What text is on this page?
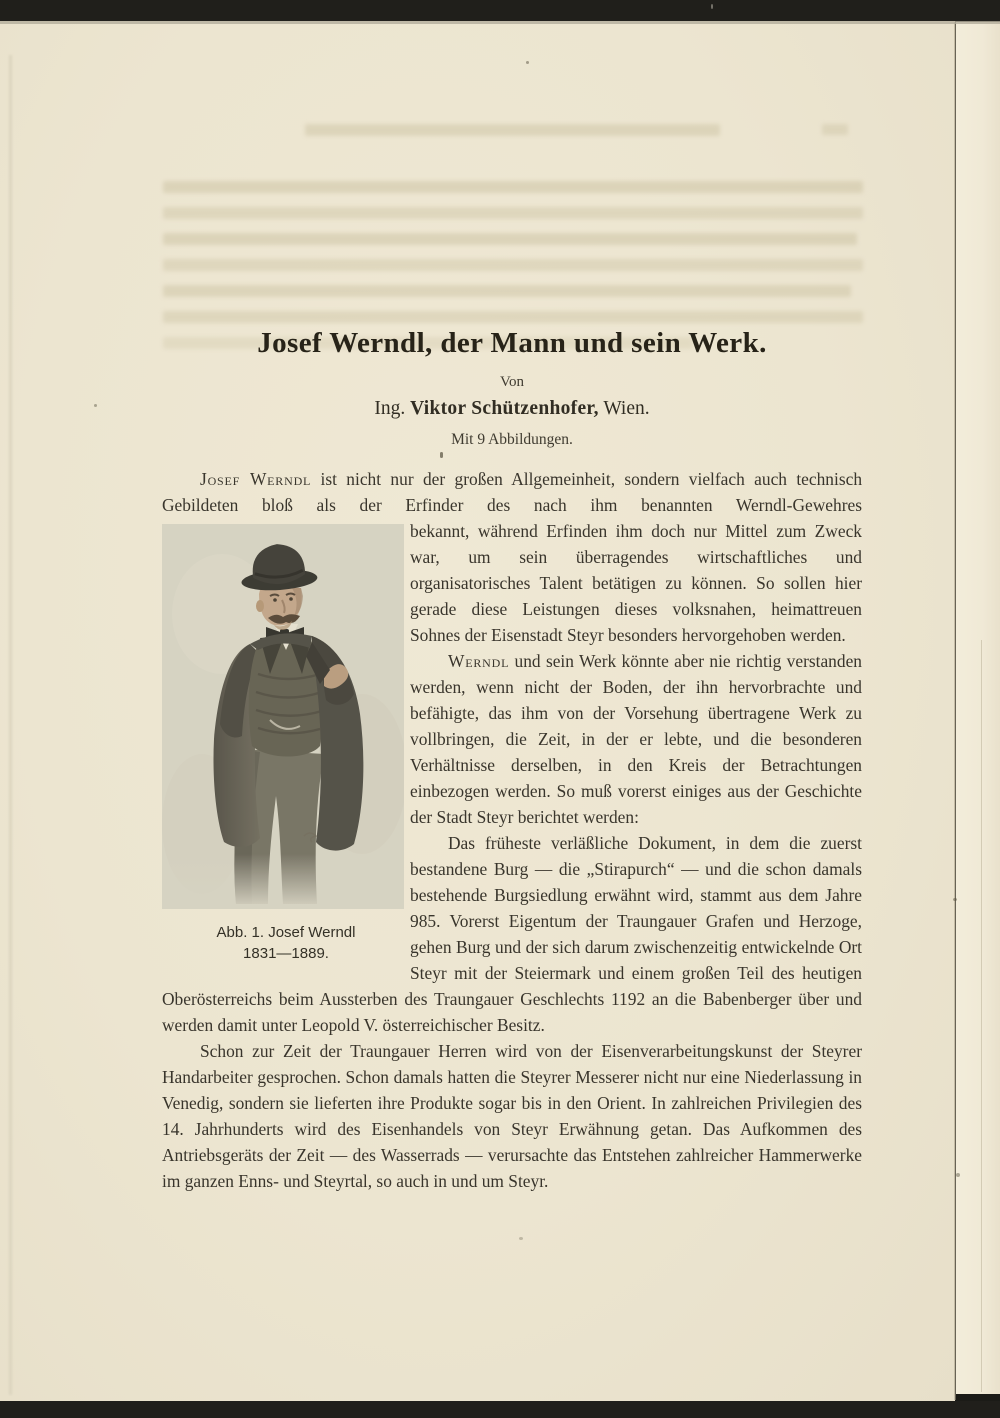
Josef Werndl, der Mann und sein Werk.
Von
Ing. Viktor Schützenhofer, Wien.
Mit 9 Abbildungen.

Josef Werndl ist nicht nur der großen Allgemeinheit, sondern vielfach auch technisch Gebildeten bloß als der Erfinder des nach ihm benannten Werndl-Gewehres

Abb. 1. Josef Werndl
1831—1889.
bekannt, während Erfinden ihm doch nur Mittel zum Zweck war, um sein überragendes wirtschaftliches und organisatorisches Talent betätigen zu können. So sollen hier gerade diese Leistungen dieses volksnahen, heimattreuen Sohnes der Eisenstadt Steyr besonders hervorgehoben werden.

Werndl und sein Werk könnte aber nie richtig verstanden werden, wenn nicht der Boden, der ihn hervorbrachte und befähigte, das ihm von der Vorsehung übertragene Werk zu vollbringen, die Zeit, in der er lebte, und die besonderen Verhältnisse derselben, in den Kreis der Betrachtungen einbezogen werden. So muß vorerst einiges aus der Geschichte der Stadt Steyr berichtet werden:

Das früheste verläßliche Dokument, in dem die zuerst bestandene Burg — die „Stirapurch“ — und die schon damals bestehende Burgsiedlung erwähnt wird, stammt aus dem Jahre 985. Vorerst Eigentum der Traungauer Grafen und Herzoge, gehen Burg und der sich darum zwischenzeitig entwickelnde Ort Steyr mit der Steiermark und einem großen Teil des heutigen Oberösterreichs beim Aussterben des Traungauer Geschlechts 1192 an die Babenberger über und werden damit unter Leopold V. österreichischer Besitz.

Schon zur Zeit der Traungauer Herren wird von der Eisenverarbeitungskunst der Steyrer Handarbeiter gesprochen. Schon damals hatten die Steyrer Messerer nicht nur eine Niederlassung in Venedig, sondern sie lieferten ihre Produkte sogar bis in den Orient. In zahlreichen Privilegien des 14. Jahrhunderts wird des Eisenhandels von Steyr Erwähnung getan. Das Aufkommen des Antriebsgeräts der Zeit — des Wasserrads — verursachte das Entstehen zahlreicher Hammerwerke im ganzen Enns- und Steyrtal, so auch in und um Steyr.
